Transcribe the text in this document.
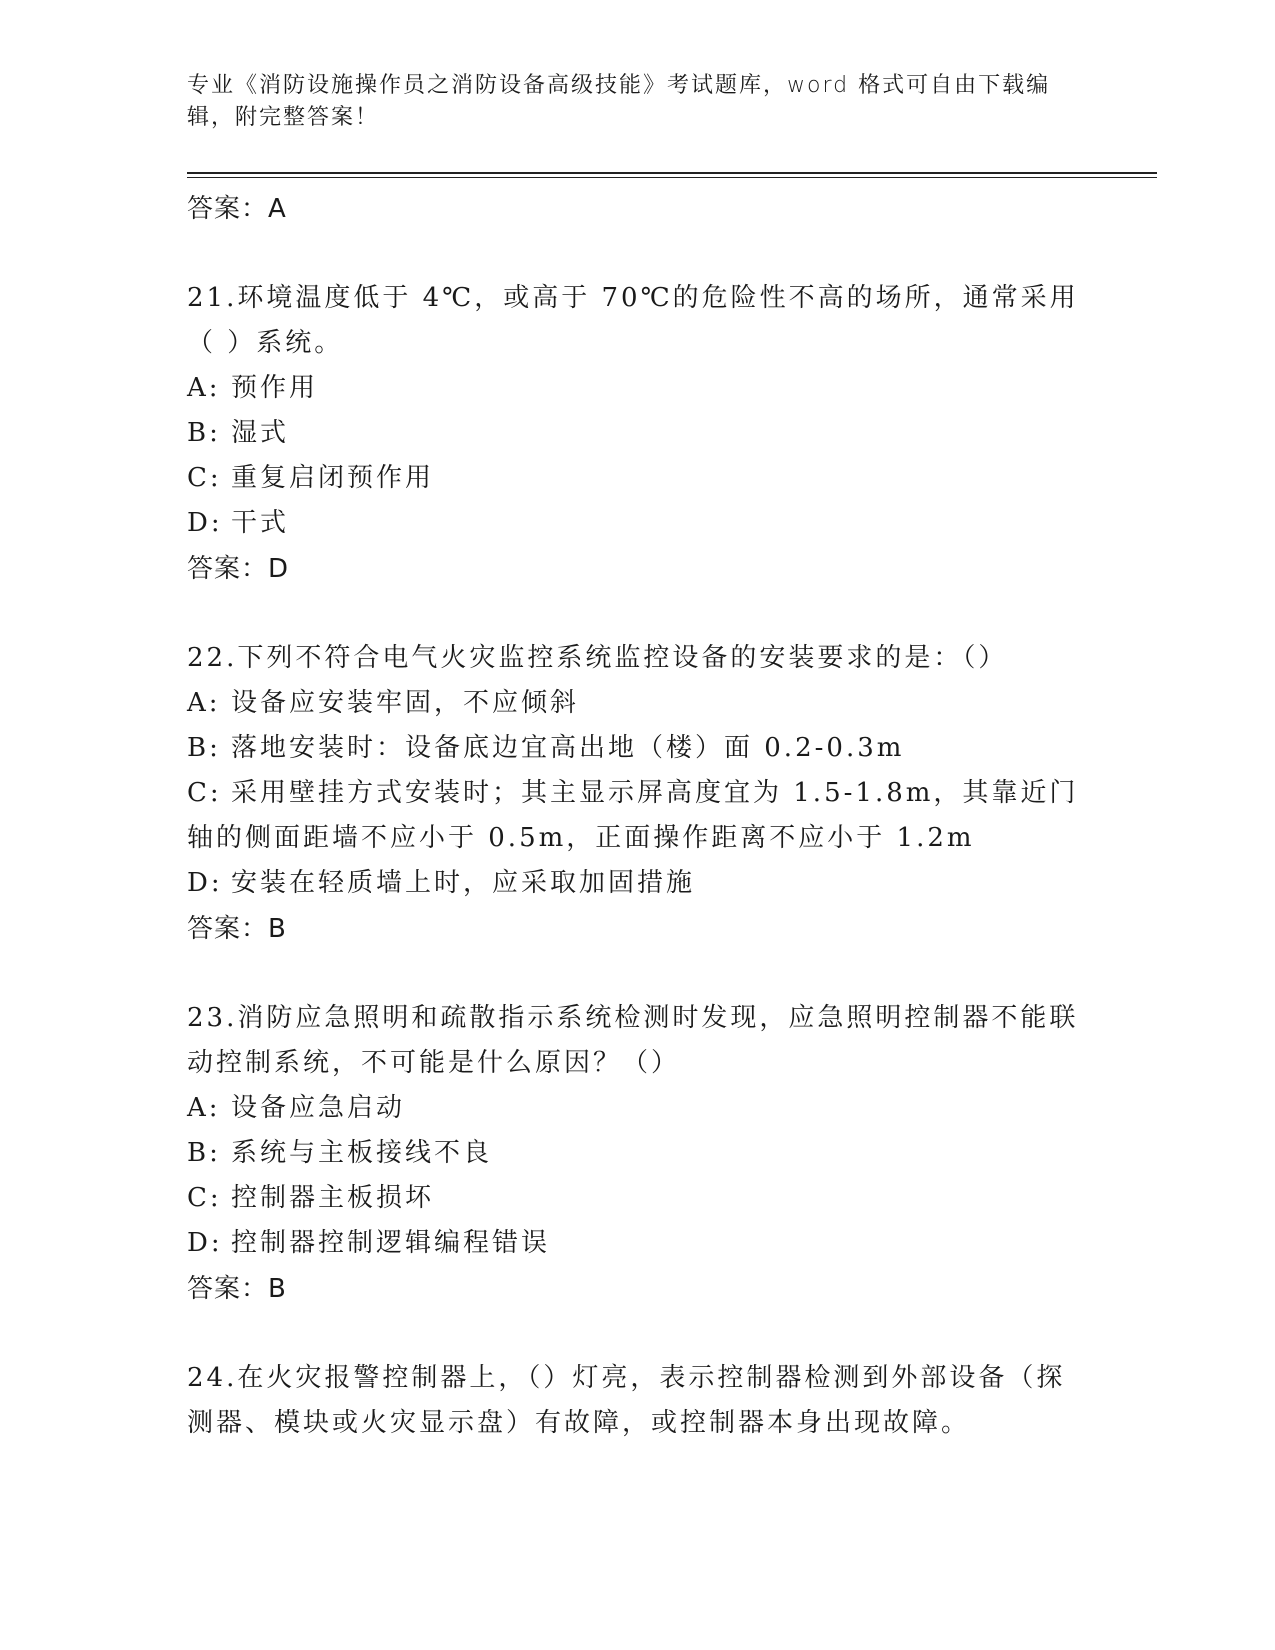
专业《消防设施操作员之消防设备高级技能》考试题库，word 格式可自由下载编辑，附完整答案！
答案：A
21.环境温度低于 4℃，或高于 70℃的危险性不高的场所，通常采用（ ）系统。
A: 预作用
B: 湿式
C: 重复启闭预作用
D: 干式
答案：D
22.下列不符合电气火灾监控系统监控设备的安装要求的是：（）
A: 设备应安装牢固，不应倾斜
B: 落地安装时：设备底边宜高出地（楼）面 0.2-0.3m
C: 采用壁挂方式安装时；其主显示屏高度宜为 1.5-1.8m，其靠近门轴的侧面距墙不应小于 0.5m，正面操作距离不应小于 1.2m
D: 安装在轻质墙上时，应采取加固措施
答案：B
23.消防应急照明和疏散指示系统检测时发现，应急照明控制器不能联动控制系统，不可能是什么原因？（）
A: 设备应急启动
B: 系统与主板接线不良
C: 控制器主板损坏
D: 控制器控制逻辑编程错误
答案：B
24.在火灾报警控制器上，（）灯亮，表示控制器检测到外部设备（探测器、模块或火灾显示盘）有故障，或控制器本身出现故障。
